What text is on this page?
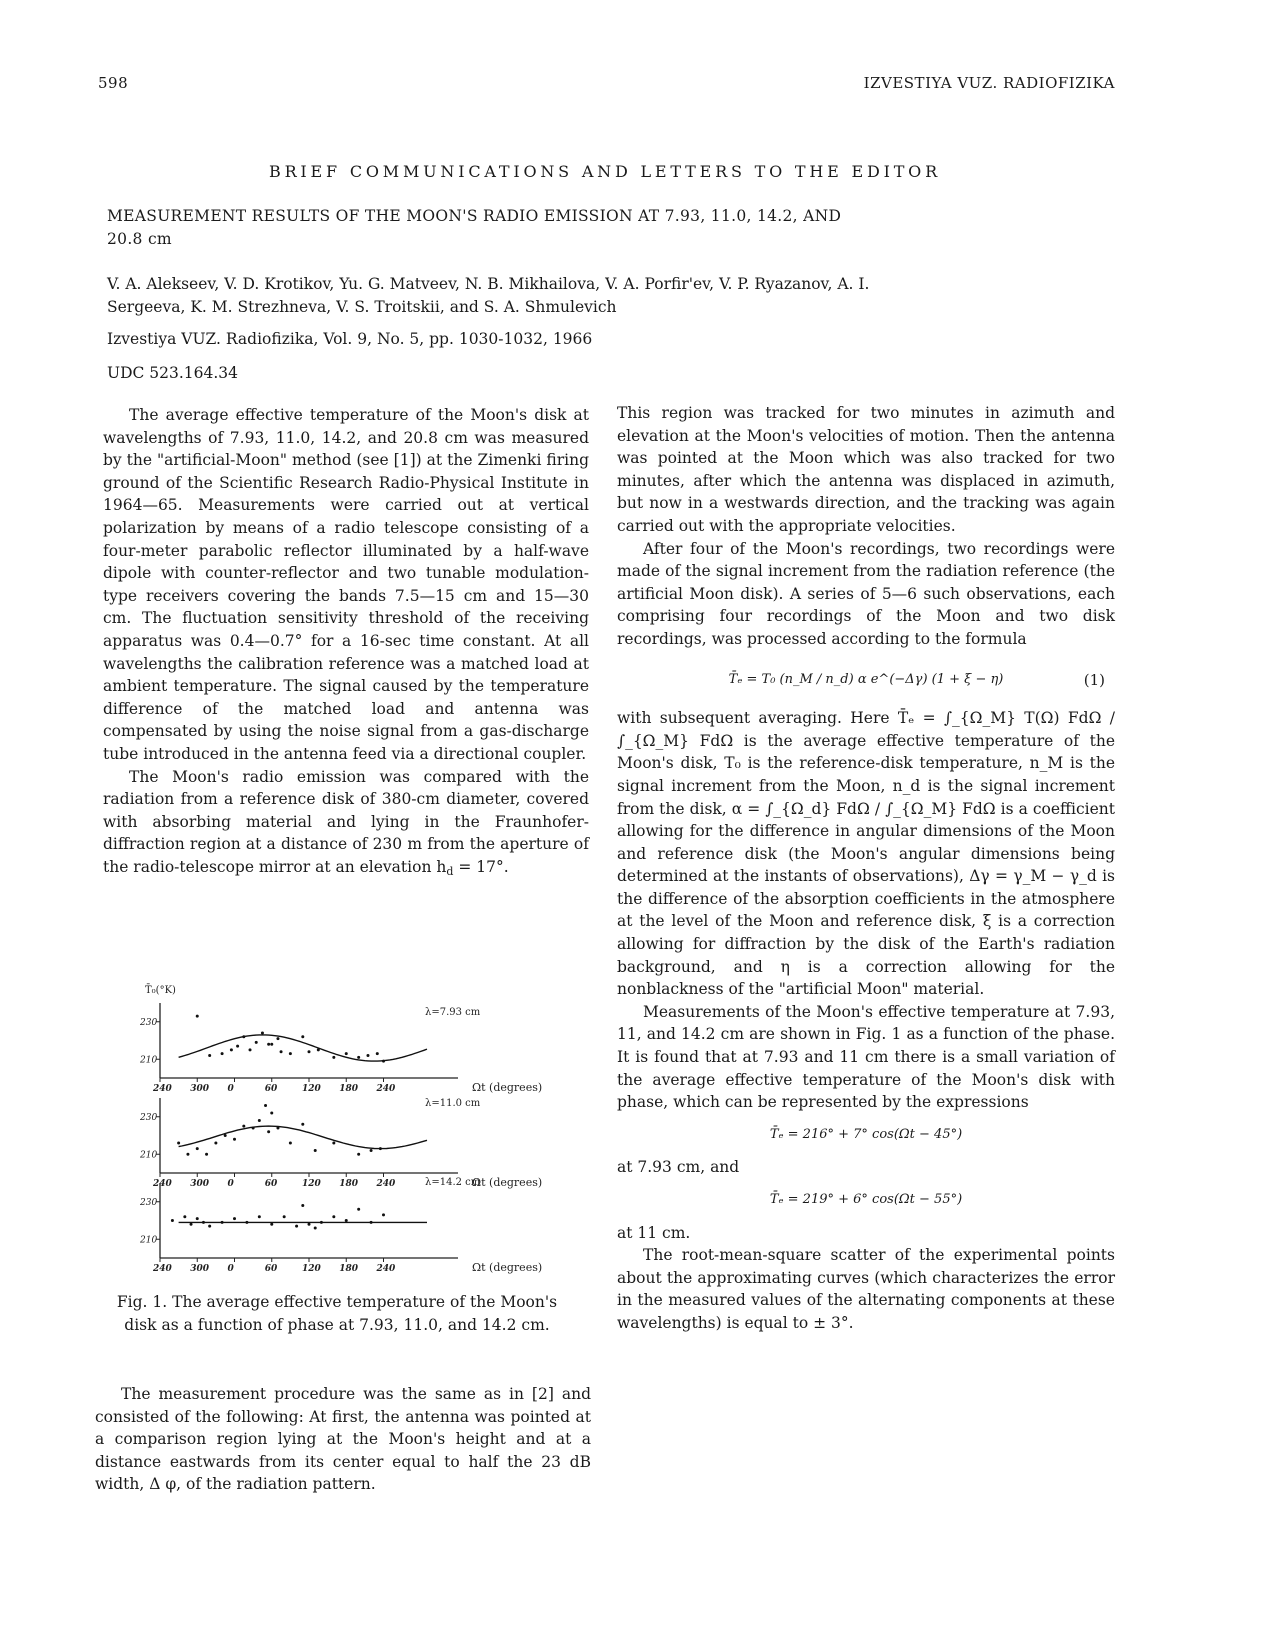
598	IZVESTIYA VUZ. RADIOFIZIKA
BRIEF COMMUNICATIONS AND LETTERS TO THE EDITOR
MEASUREMENT RESULTS OF THE MOON'S RADIO EMISSION AT 7.93, 11.0, 14.2, AND 20.8 cm
V. A. Alekseev, V. D. Krotikov, Yu. G. Matveev, N. B. Mikhailova, V. A. Porfir'ev, V. P. Ryazanov, A. I. Sergeeva, K. M. Strezhneva, V. S. Troitskii, and S. A. Shmulevich
Izvestiya VUZ. Radiofizika, Vol. 9, No. 5, pp. 1030-1032, 1966
UDC 523.164.34

The average effective temperature of the Moon's disk at wavelengths of 7.93, 11.0, 14.2, and 20.8 cm was measured by the "artificial-Moon" method (see [1]) at the Zimenki firing ground of the Scientific Research Radio-Physical Institute in 1964—65. Measurements were carried out at vertical polarization by means of a radio telescope consisting of a four-meter parabolic reflector illuminated by a half-wave dipole with counter-reflector and two tunable modulation-type receivers covering the bands 7.5—15 cm and 15—30 cm. The fluctuation sensitivity threshold of the receiving apparatus was 0.4—0.7° for a 16-sec time constant. At all wavelengths the calibration reference was a matched load at ambient temperature. The signal caused by the temperature difference of the matched load and antenna was compensated by using the noise signal from a gas-discharge tube introduced in the antenna feed via a directional coupler.

The Moon's radio emission was compared with the radiation from a reference disk of 380-cm diameter, covered with absorbing material and lying in the Fraunhofer-diffraction region at a distance of 230 m from the aperture of the radio-telescope mirror at an elevation $h_d = 17^\circ$.

T̄₀(°K)
230
210
240 300 0	60	120 180 240	Ωt (degrees)
λ=7.93 cm
230
210
240 300 0	60	120 180 240	Ωt (degrees)
λ=11.0 cm
230
210
240 300 0	60	120 180 240	Ωt (degrees)
λ=14.2 cm
Fig. 1. The average effective temperature of the Moon's disk as a function of phase at 7.93, 11.0, and 14.2 cm.

The measurement procedure was the same as in [2] and consisted of the following: At first, the antenna was pointed at a comparison region lying at the Moon's height and at a distance eastwards from its center equal to half the 23 dB width, Δ φ, of the radiation pattern.

This region was tracked for two minutes in azimuth and elevation at the Moon's velocities of motion. Then the antenna was pointed at the Moon which was also tracked for two minutes, after which the antenna was displaced in azimuth, but now in a westwards direction, and the tracking was again carried out with the appropriate velocities.

After four of the Moon's recordings, two recordings were made of the signal increment from the radiation reference (the artificial Moon disk). A series of 5—6 such observations, each comprising four recordings of the Moon and two disk recordings, was processed according to the formula

T̄ₑ = T₀ (n_M / n_d) α e^(−Δγ) (1 + ξ − η)	(1)

with subsequent averaging. Here T̄ₑ = ∫_{Ω_M} T(Ω) FdΩ / ∫_{Ω_M} FdΩ is the average effective temperature of the Moon's disk, T₀ is the reference-disk temperature, n_M is the signal increment from the Moon, n_d is the signal increment from the disk, α = ∫_{Ω_d} FdΩ / ∫_{Ω_M} FdΩ is a coefficient allowing for the difference in angular dimensions of the Moon and reference disk (the Moon's angular dimensions being determined at the instants of observations), Δγ = γ_M − γ_d is the difference of the absorption coefficients in the atmosphere at the level of the Moon and reference disk, ξ is a correction allowing for diffraction by the disk of the Earth's radiation background, and η is a correction allowing for the nonblackness of the "artificial Moon" material.

Measurements of the Moon's effective temperature at 7.93, 11, and 14.2 cm are shown in Fig. 1 as a function of the phase. It is found that at 7.93 and 11 cm there is a small variation of the average effective temperature of the Moon's disk with phase, which can be represented by the expressions

T̄ₑ = 216° + 7° cos(Ωt − 45°)

at 7.93 cm, and

T̄ₑ = 219° + 6° cos(Ωt − 55°)

at 11 cm.

The root-mean-square scatter of the experimental points about the approximating curves (which characterizes the error in the measured values of the alternating components at these wavelengths) is equal to ± 3°.
